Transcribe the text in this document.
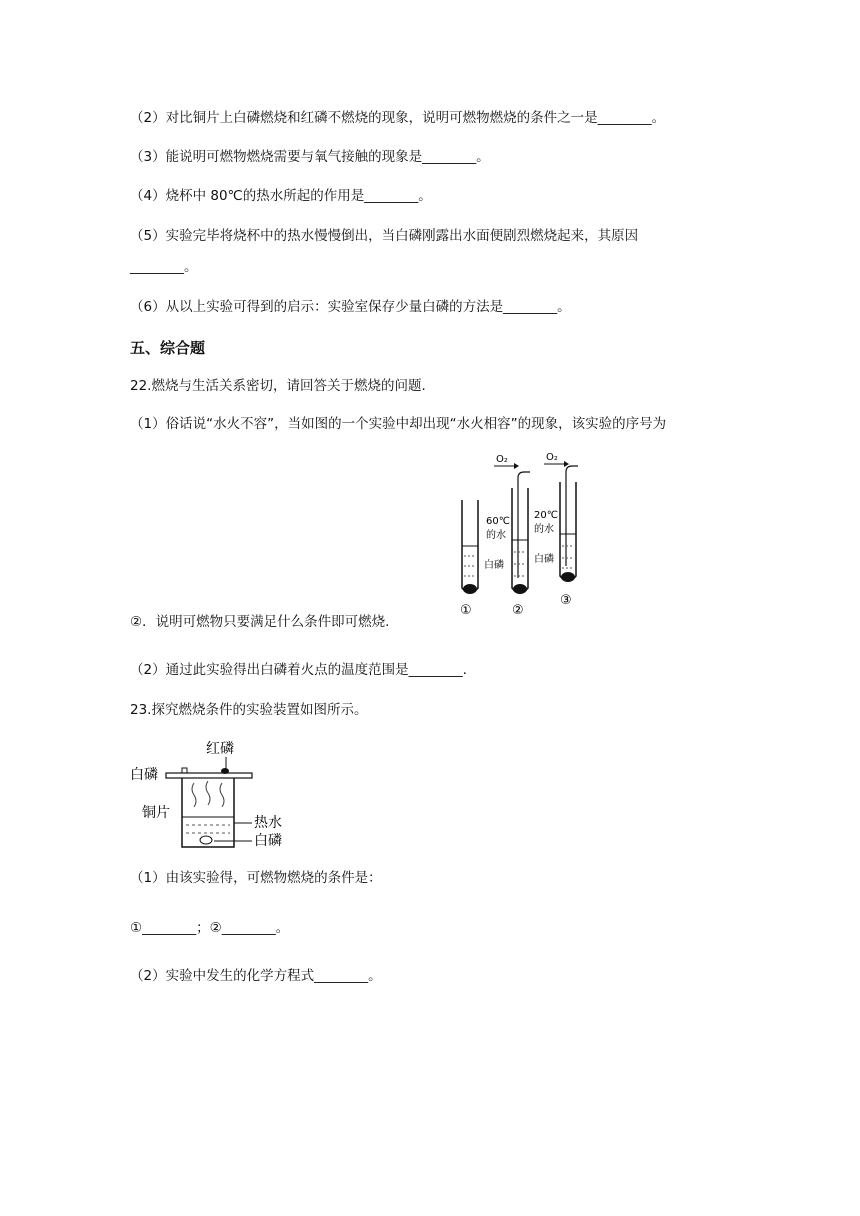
（2）对比铜片上白磷燃烧和红磷不燃烧的现象，说明可燃物燃烧的条件之一是________。
（3）能说明可燃物燃烧需要与氧气接触的现象是________。
（4）烧杯中 80℃的热水所起的作用是________。
（5）实验完毕将烧杯中的热水慢慢倒出，当白磷刚露出水面便剧烈燃烧起来，其原因
________。
（6）从以上实验可得到的启示：实验室保存少量白磷的方法是________。
五、综合题
22.燃烧与生活关系密切，请回答关于燃烧的问题.
（1）俗话说“水火不容”，当如图的一个实验中却出现“水火相容”的现象，该实验的序号为
O₂	O₂
60℃
的水
白磷
20℃
的水
白磷
①	②
③
②．说明可燃物只要满足什么条件即可燃烧.
（2）通过此实验得出白磷着火点的温度范围是________.
23.探究燃烧条件的实验装置如图所示。
红磷
白磷
铜片
热水
白磷
（1）由该实验得，可燃物燃烧的条件是：
①________；②________。
（2）实验中发生的化学方程式________。
